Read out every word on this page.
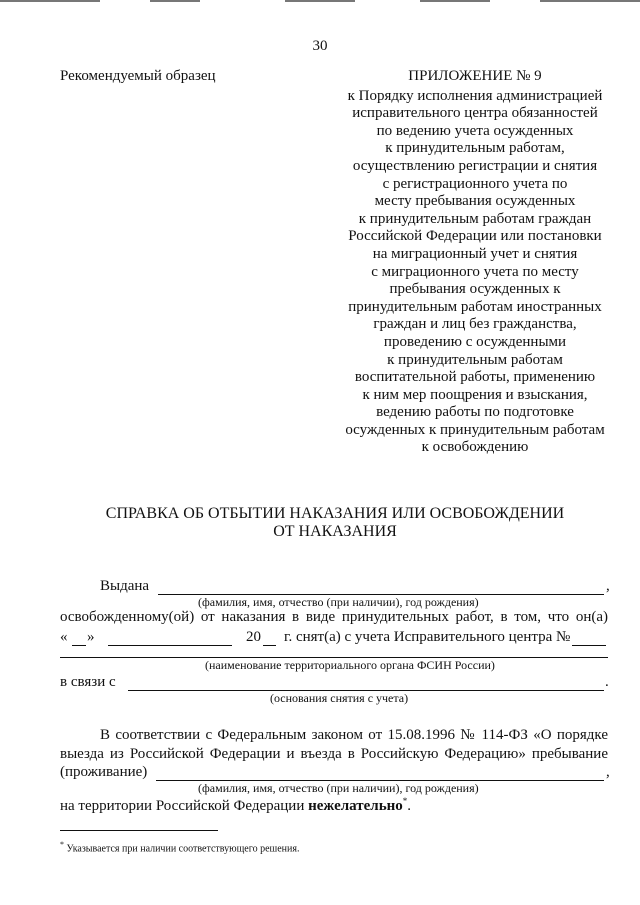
30
Рекомендуемый образец	ПРИЛОЖЕНИЕ № 9
к Порядку исполнения администрацией
исправительного центра обязанностей
по ведению учета осужденных
к принудительным работам,
осуществлению регистрации и снятия
с регистрационного учета по
месту пребывания осужденных
к принудительным работам граждан
Российской Федерации или постановки
на миграционный учет и снятия
с миграционного учета по месту
пребывания осужденных к
принудительным работам иностранных
граждан и лиц без гражданства,
проведению с осужденными
к принудительным работам
воспитательной работы, применению
к ним мер поощрения и взыскания,
ведению работы по подготовке
осужденных к принудительным работам
к освобождению
СПРАВКА ОБ ОТБЫТИИ НАКАЗАНИЯ ИЛИ ОСВОБОЖДЕНИИ
ОТ НАКАЗАНИЯ
Выдана	,
(фамилия, имя, отчество (при наличии), год рождения)
освобожденному(ой) от наказания в виде принудительных работ, в том, что он(а)
« »	20 г. снят(а) с учета Исправительного центра №
(наименование территориального органа ФСИН России)
в связи с	.
(основания снятия с учета)
В соответствии с Федеральным законом от 15.08.1996 № 114-ФЗ «О порядке
выезда из Российской Федерации и въезда в Российскую Федерацию» пребывание
(проживание)	,
(фамилия, имя, отчество (при наличии), год рождения)
на территории Российской Федерации нежелательно*.
* Указывается при наличии соответствующего решения.
